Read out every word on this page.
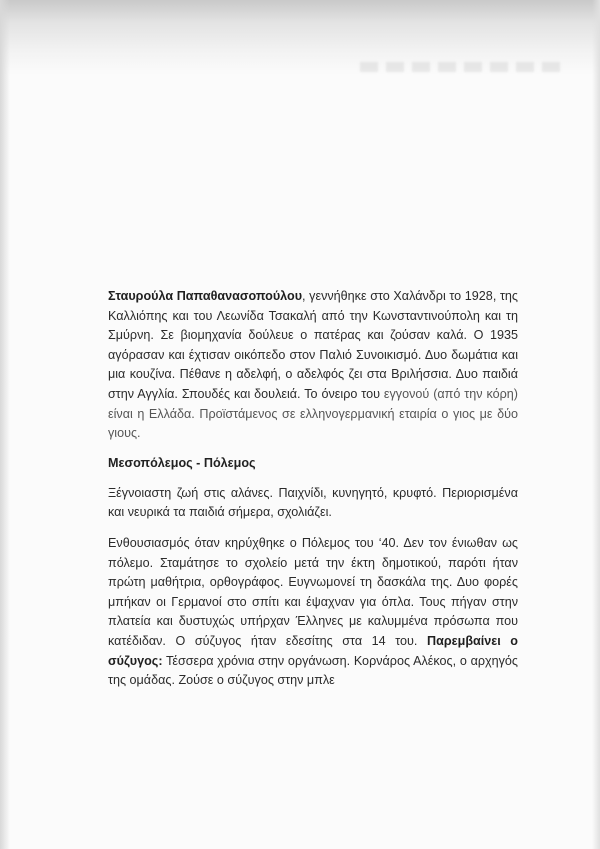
Σταυρούλα Παπαθανασοπούλου, γεννήθηκε στο Χαλάνδρι το 1928, της Καλλιόπης και του Λεωνίδα Τσακαλή από την Κωνσταντινούπολη και τη Σμύρνη. Σε βιομηχανία δούλευε ο πατέρας και ζούσαν καλά. Ο 1935 αγόρασαν και έχτισαν οικόπεδο στον Παλιό Συνοικισμό. Δυο δωμάτια και μια κουζίνα. Πέθανε η αδελφή, ο αδελφός ζει στα Βριλήσσια. Δυο παιδιά στην Αγγλία. Σπουδές και δουλειά. Το όνειρο του εγγονού (από την κόρη) είναι η Ελλάδα. Προϊστάμενος σε ελληνογερμανική εταιρία ο γιος με δύο γιους.

Μεσοπόλεμος - Πόλεμος

Ξέγνοιαστη ζωή στις αλάνες. Παιχνίδι, κυνηγητό, κρυφτό. Περιορισμένα και νευρικά τα παιδιά σήμερα, σχολιάζει.

Ενθουσιασμός όταν κηρύχθηκε ο Πόλεμος του ‘40. Δεν τον ένιωθαν ως πόλεμο. Σταμάτησε το σχολείο μετά την έκτη δημοτικού, παρότι ήταν πρώτη μαθήτρια, ορθογράφος. Ευγνωμονεί τη δασκάλα της. Δυο φορές μπήκαν οι Γερμανοί στο σπίτι και έψαχναν για όπλα. Τους πήγαν στην πλατεία και δυστυχώς υπήρχαν Έλληνες με καλυμμένα πρόσωπα που κατέδιδαν. Ο σύζυγος ήταν εδεσίτης στα 14 του. Παρεμβαίνει ο σύζυγος: Τέσσερα χρόνια στην οργάνωση. Κορνάρος Αλέκος, ο αρχηγός της ομάδας. Ζούσε ο σύζυγος στην μπλε
